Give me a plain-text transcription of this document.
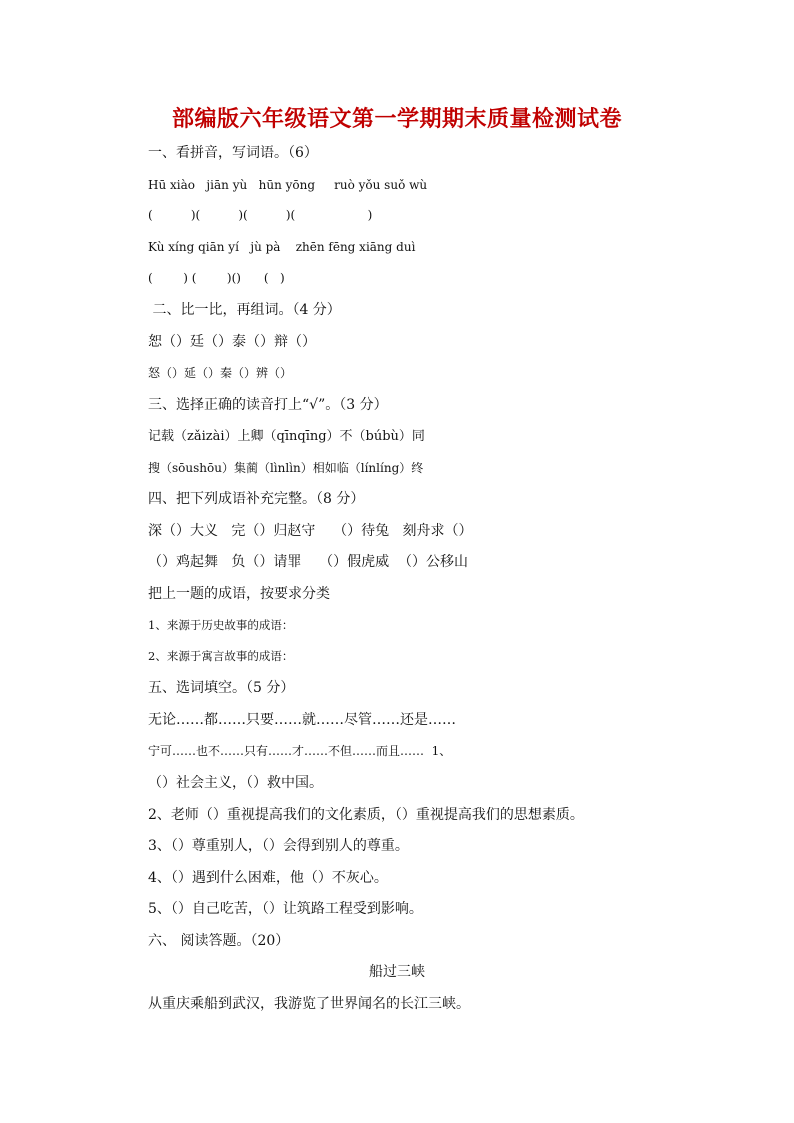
部编版六年级语文第一学期期末质量检测试卷
一、看拼音，写词语。（6）
Hū xiào   jiān yù   hūn yōng     ruò yǒu suǒ wù
(          )(          )(          )(                   )
Kù xíng qiān yí   jù pà    zhēn fēng xiāng duì
(        ) (        )()      (   )
二、比一比，再组词。（4 分）
恕（）廷（）泰（）辩（）
怒（）延（）秦（）辨（）
三、选择正确的读音打上“√”。（3 分）
记载（zǎizài）上卿（qīnqīng）不（búbù）同
搜（sōushōu）集蔺（lìnlìn）相如临（línlíng）终
四、把下列成语补充完整。（8 分）
深（）大义   完（）归赵守    （）待兔   刻舟求（）
（）鸡起舞   负（）请罪    （）假虎威  （）公移山
把上一题的成语，按要求分类
1、来源于历史故事的成语：
2、来源于寓言故事的成语：
五、选词填空。（5 分）
无论……都……只要……就……尽管……还是……
宁可……也不……只有……才……不但……而且……  1、
（）社会主义，（）救中国。
2、老师（）重视提高我们的文化素质，（）重视提高我们的思想素质。
3、（）尊重别人，（）会得到别人的尊重。
4、（）遇到什么困难，他（）不灰心。
5、（）自己吃苦，（）让筑路工程受到影响。
六、 阅读答题。（20）
船过三峡
从重庆乘船到武汉，我游览了世界闻名的长江三峡。
